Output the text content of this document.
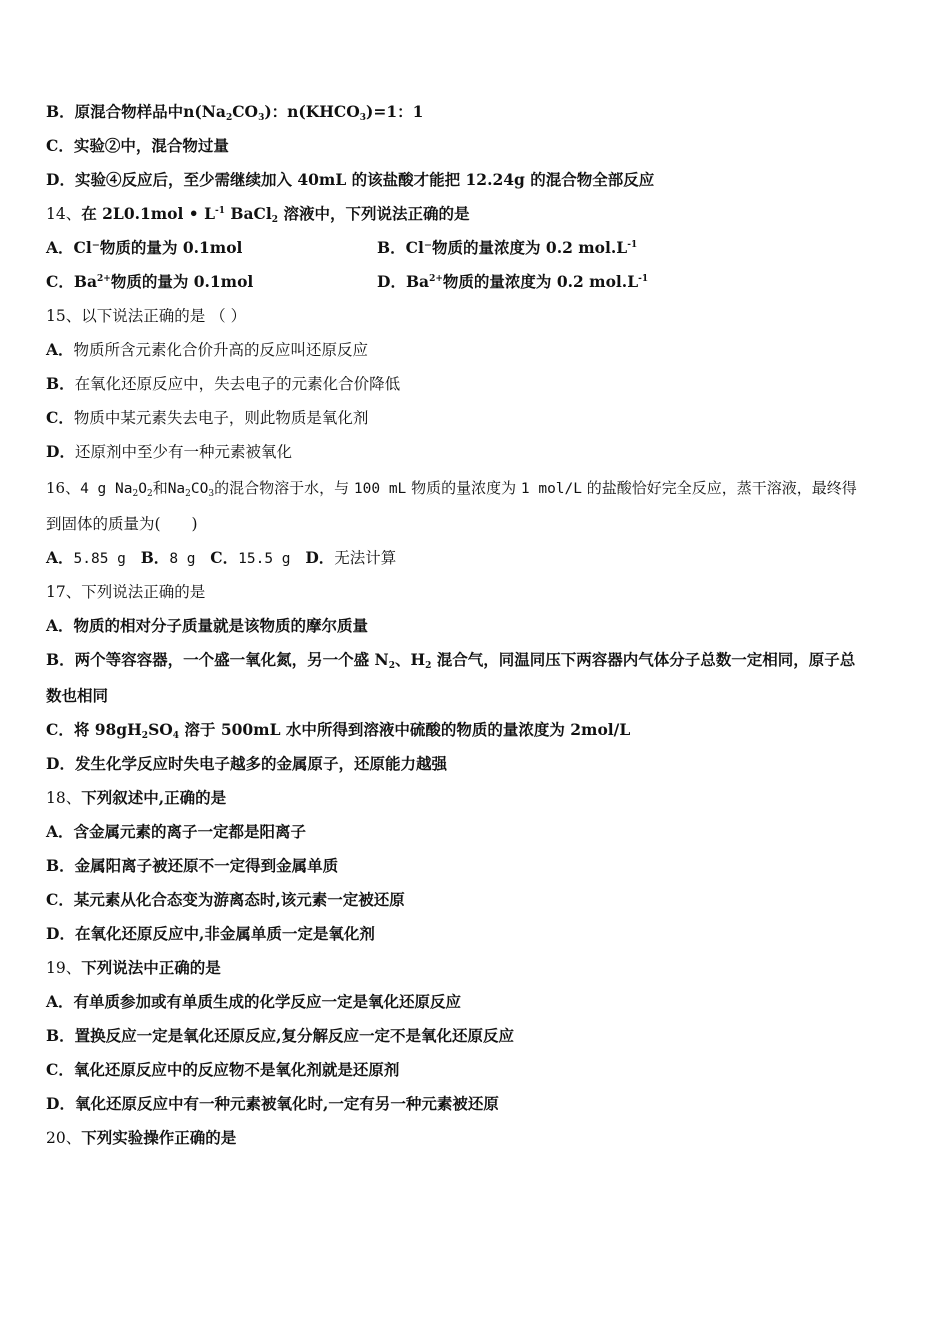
B．原混合物样品中$n(Na_2CO_3)$：$n(KHCO_3)=1$：1
C．实验②中，混合物过量
D．实验④反应后，至少需继续加入 40mL 的该盐酸才能把 12.24g 的混合物全部反应
14、在 2L0.1mol • $L^{-1}$ BaCl$_2$ 溶液中，下列说法正确的是
A．Cl⁻物质的量为 0.1mol	B．Cl⁻物质的量浓度为 0.2 $mol.L^{-1}$
C．$Ba^{2+}$物质的量为 0.1mol	D．$Ba^{2+}$物质的量浓度为 0.2 $mol.L^{-1}$
15、以下说法正确的是 （ ）
A．物质所含元素化合价升高的反应叫还原反应
B．在氧化还原反应中，失去电子的元素化合价降低
C．物质中某元素失去电子，则此物质是氧化剂
D．还原剂中至少有一种元素被氧化
16、4 g $Na_2O_2$和$Na_2CO_3$的混合物溶于水，与 100 mL 物质的量浓度为 1 mol/L 的盐酸恰好完全反应，蒸干溶液，最终得
到固体的质量为(　　)
A．5.85 g B．8 g C．15.5 g D．无法计算
17、下列说法正确的是
A．物质的相对分子质量就是该物质的摩尔质量
B．两个等容容器，一个盛一氧化氮，另一个盛 $N_2$、$H_2$ 混合气，同温同压下两容器内气体分子总数一定相同，原子总
数也相同
C．将 $98gH_2SO_4$ 溶于 500mL 水中所得到溶液中硫酸的物质的量浓度为 2mol/L
D．发生化学反应时失电子越多的金属原子，还原能力越强
18、下列叙述中,正确的是
A．含金属元素的离子一定都是阳离子
B．金属阳离子被还原不一定得到金属单质
C．某元素从化合态变为游离态时,该元素一定被还原
D．在氧化还原反应中,非金属单质一定是氧化剂
19、下列说法中正确的是
A．有单质参加或有单质生成的化学反应一定是氧化还原反应
B．置换反应一定是氧化还原反应,复分解反应一定不是氧化还原反应
C．氧化还原反应中的反应物不是氧化剂就是还原剂
D．氧化还原反应中有一种元素被氧化时,一定有另一种元素被还原
20、下列实验操作正确的是
